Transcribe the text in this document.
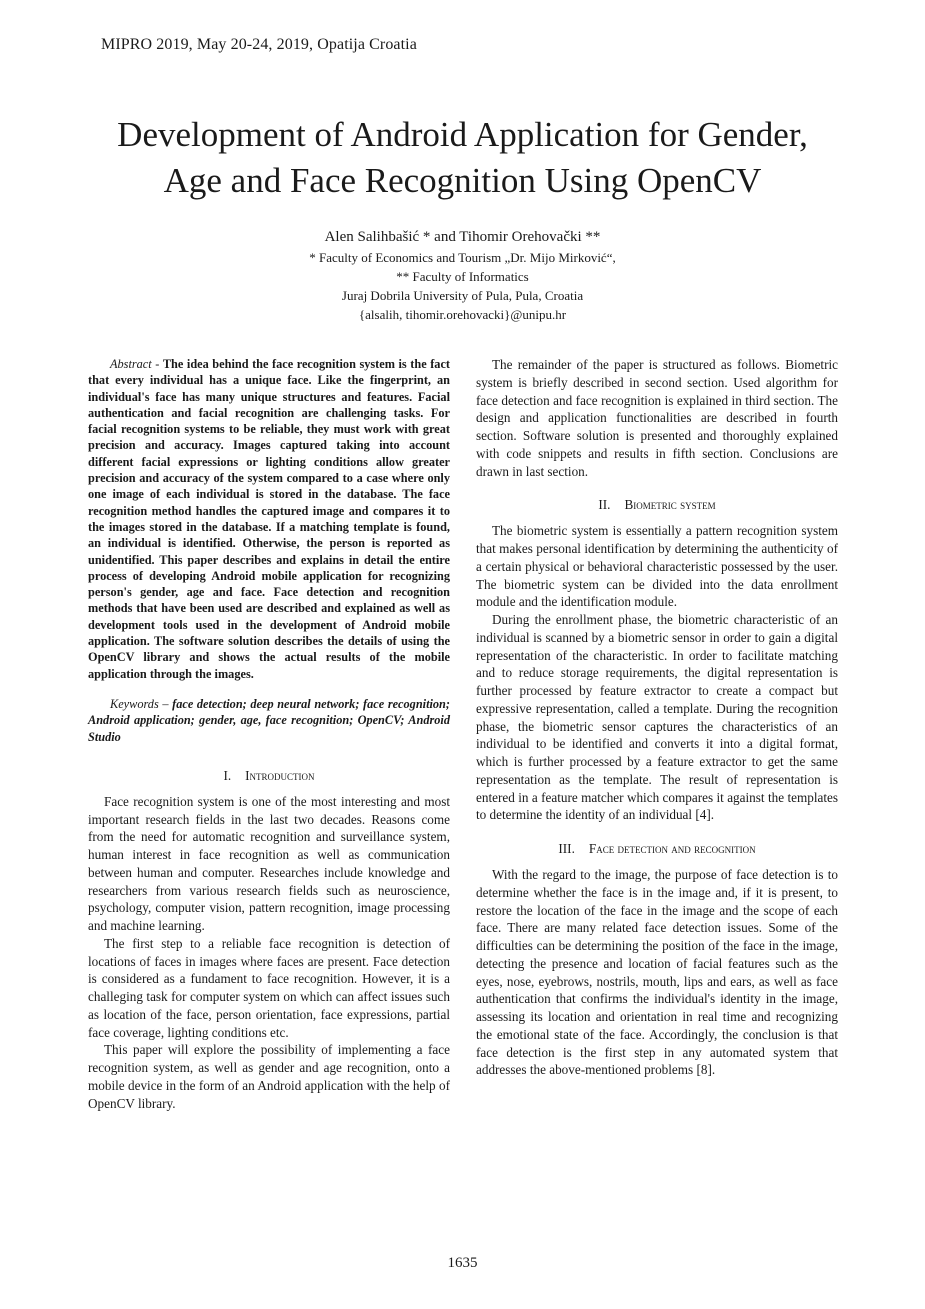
MIPRO 2019, May 20-24, 2019, Opatija Croatia
Development of Android Application for Gender,
Age and Face Recognition Using OpenCV
Alen Salihbašić * and Tihomir Orehovački **
* Faculty of Economics and Tourism „Dr. Mijo Mirković“,
** Faculty of Informatics
Juraj Dobrila University of Pula, Pula, Croatia
{alsalih, tihomir.orehovacki}@unipu.hr

Abstract - The idea behind the face recognition system is the fact that every individual has a unique face. Like the fingerprint, an individual's face has many unique structures and features. Facial authentication and facial recognition are challenging tasks. For facial recognition systems to be reliable, they must work with great precision and accuracy. Images captured taking into account different facial expressions or lighting conditions allow greater precision and accuracy of the system compared to a case where only one image of each individual is stored in the database. The face recognition method handles the captured image and compares it to the images stored in the database. If a matching template is found, an individual is identified. Otherwise, the person is reported as unidentified. This paper describes and explains in detail the entire process of developing Android mobile application for recognizing person's gender, age and face. Face detection and recognition methods that have been used are described and explained as well as development tools used in the development of Android mobile application. The software solution describes the details of using the OpenCV library and shows the actual results of the mobile application through the images.

Keywords – face detection; deep neural network; face recognition; Android application; gender, age, face recognition; OpenCV; Android Studio

I. Introduction

Face recognition system is one of the most interesting and most important research fields in the last two decades. Reasons come from the need for automatic recognition and surveillance system, human interest in face recognition as well as communication between human and computer. Researches include knowledge and researchers from various research fields such as neuroscience, psychology, computer vision, pattern recognition, image processing and machine learning.

The first step to a reliable face recognition is detection of locations of faces in images where faces are present. Face detection is considered as a fundament to face recognition. However, it is a challeging task for computer system on which can affect issues such as location of the face, person orientation, face expressions, partial face coverage, lighting conditions etc.

This paper will explore the possibility of implementing a face recognition system, as well as gender and age recognition, onto a mobile device in the form of an Android application with the help of OpenCV library.

The remainder of the paper is structured as follows. Biometric system is briefly described in second section. Used algorithm for face detection and face recognition is explained in third section. The design and application functionalities are described in fourth section. Software solution is presented and thoroughly explained with code snippets and results in fifth section. Conclusions are drawn in last section.

II. Biometric system

The biometric system is essentially a pattern recognition system that makes personal identification by determining the authenticity of a certain physical or behavioral characteristic possessed by the user. The biometric system can be divided into the data enrollment module and the identification module.

During the enrollment phase, the biometric characteristic of an individual is scanned by a biometric sensor in order to gain a digital representation of the characteristic. In order to facilitate matching and to reduce storage requirements, the digital representation is further processed by feature extractor to create a compact but expressive representation, called a template. During the recognition phase, the biometric sensor captures the characteristics of an individual to be identified and converts it into a digital format, which is further processed by a feature extractor to get the same representation as the template. The result of representation is entered in a feature matcher which compares it against the templates to determine the identity of an individual [4].

III. Face detection and recognition

With the regard to the image, the purpose of face detection is to determine whether the face is in the image and, if it is present, to restore the location of the face in the image and the scope of each face. There are many related face detection issues. Some of the difficulties can be determining the position of the face in the image, detecting the presence and location of facial features such as the eyes, nose, eyebrows, nostrils, mouth, lips and ears, as well as face authentication that confirms the individual's identity in the image, assessing its location and orientation in real time and recognizing the emotional state of the face. Accordingly, the conclusion is that face detection is the first step in any automated system that addresses the above-mentioned problems [8].

1635
